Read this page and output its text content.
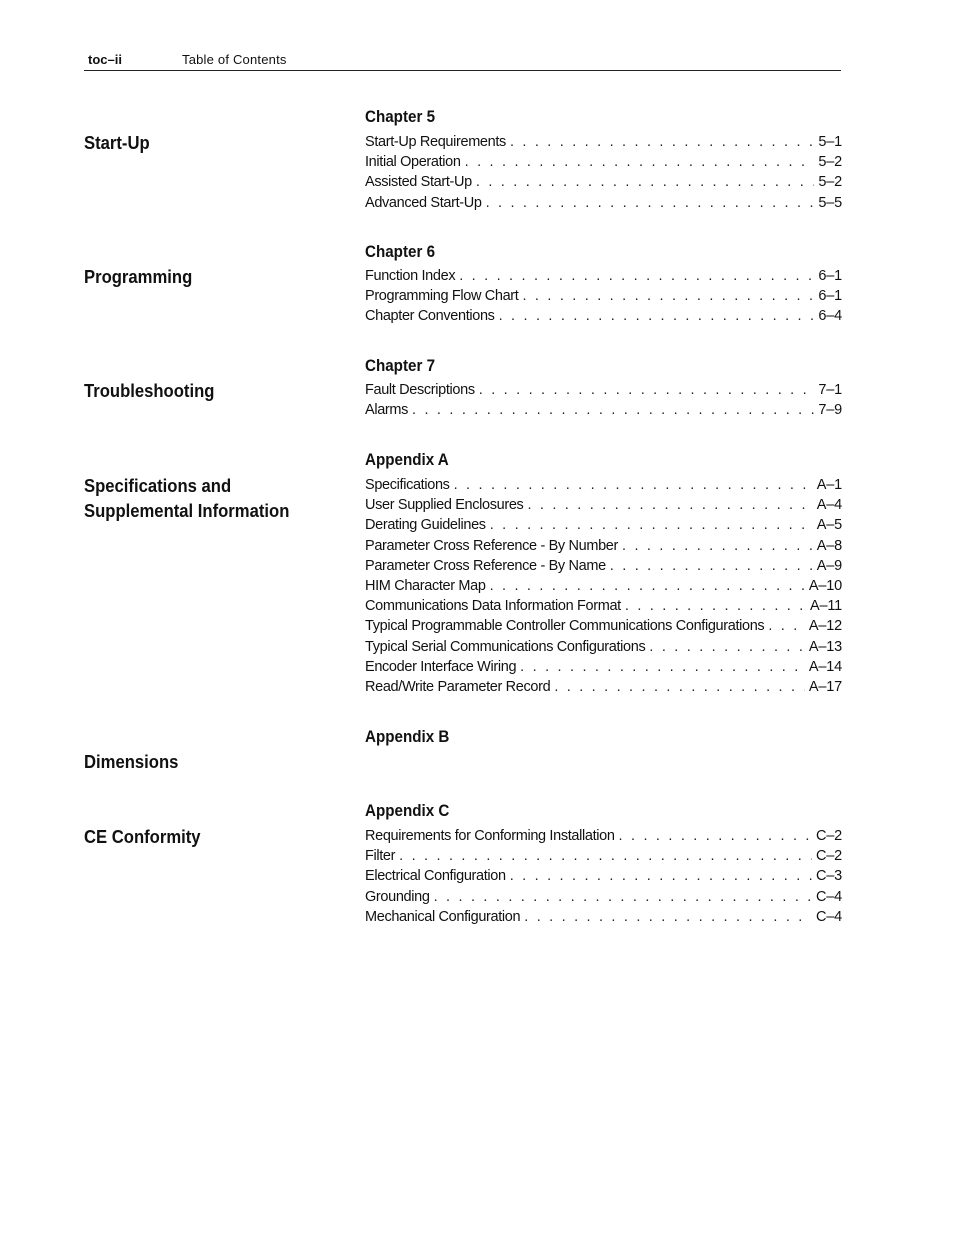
toc–ii	Table of Contents
Start-Up
Chapter 5
Start-Up Requirements . . .	5–1
Initial Operation . . .	5–2
Assisted Start-Up . . .	5–2
Advanced Start-Up . . .	5–5
Programming
Chapter 6
Function Index . . .	6–1
Programming Flow Chart . . .	6–1
Chapter Conventions . . .	6–4
Troubleshooting
Chapter 7
Fault Descriptions . . .	7–1
Alarms . . .	7–9
Specifications and
Supplemental Information
Appendix A
Specifications . . .	A–1
User Supplied Enclosures . . .	A–4
Derating Guidelines . . .	A–5
Parameter Cross Reference - By Number . . .	A–8
Parameter Cross Reference - By Name . . .	A–9
HIM Character Map . . .	A–10
Communications Data Information Format . . .	A–11
Typical Programmable Controller Communications Configurations . . .	A–12
Typical Serial Communications Configurations . . .	A–13
Encoder Interface Wiring . . .	A–14
Read/Write Parameter Record . . .	A–17
Dimensions
Appendix B
CE Conformity
Appendix C
Requirements for Conforming Installation . . .	C–2
Filter . . .	C–2
Electrical Configuration . . .	C–3
Grounding . . .	C–4
Mechanical Configuration . . .	C–4
